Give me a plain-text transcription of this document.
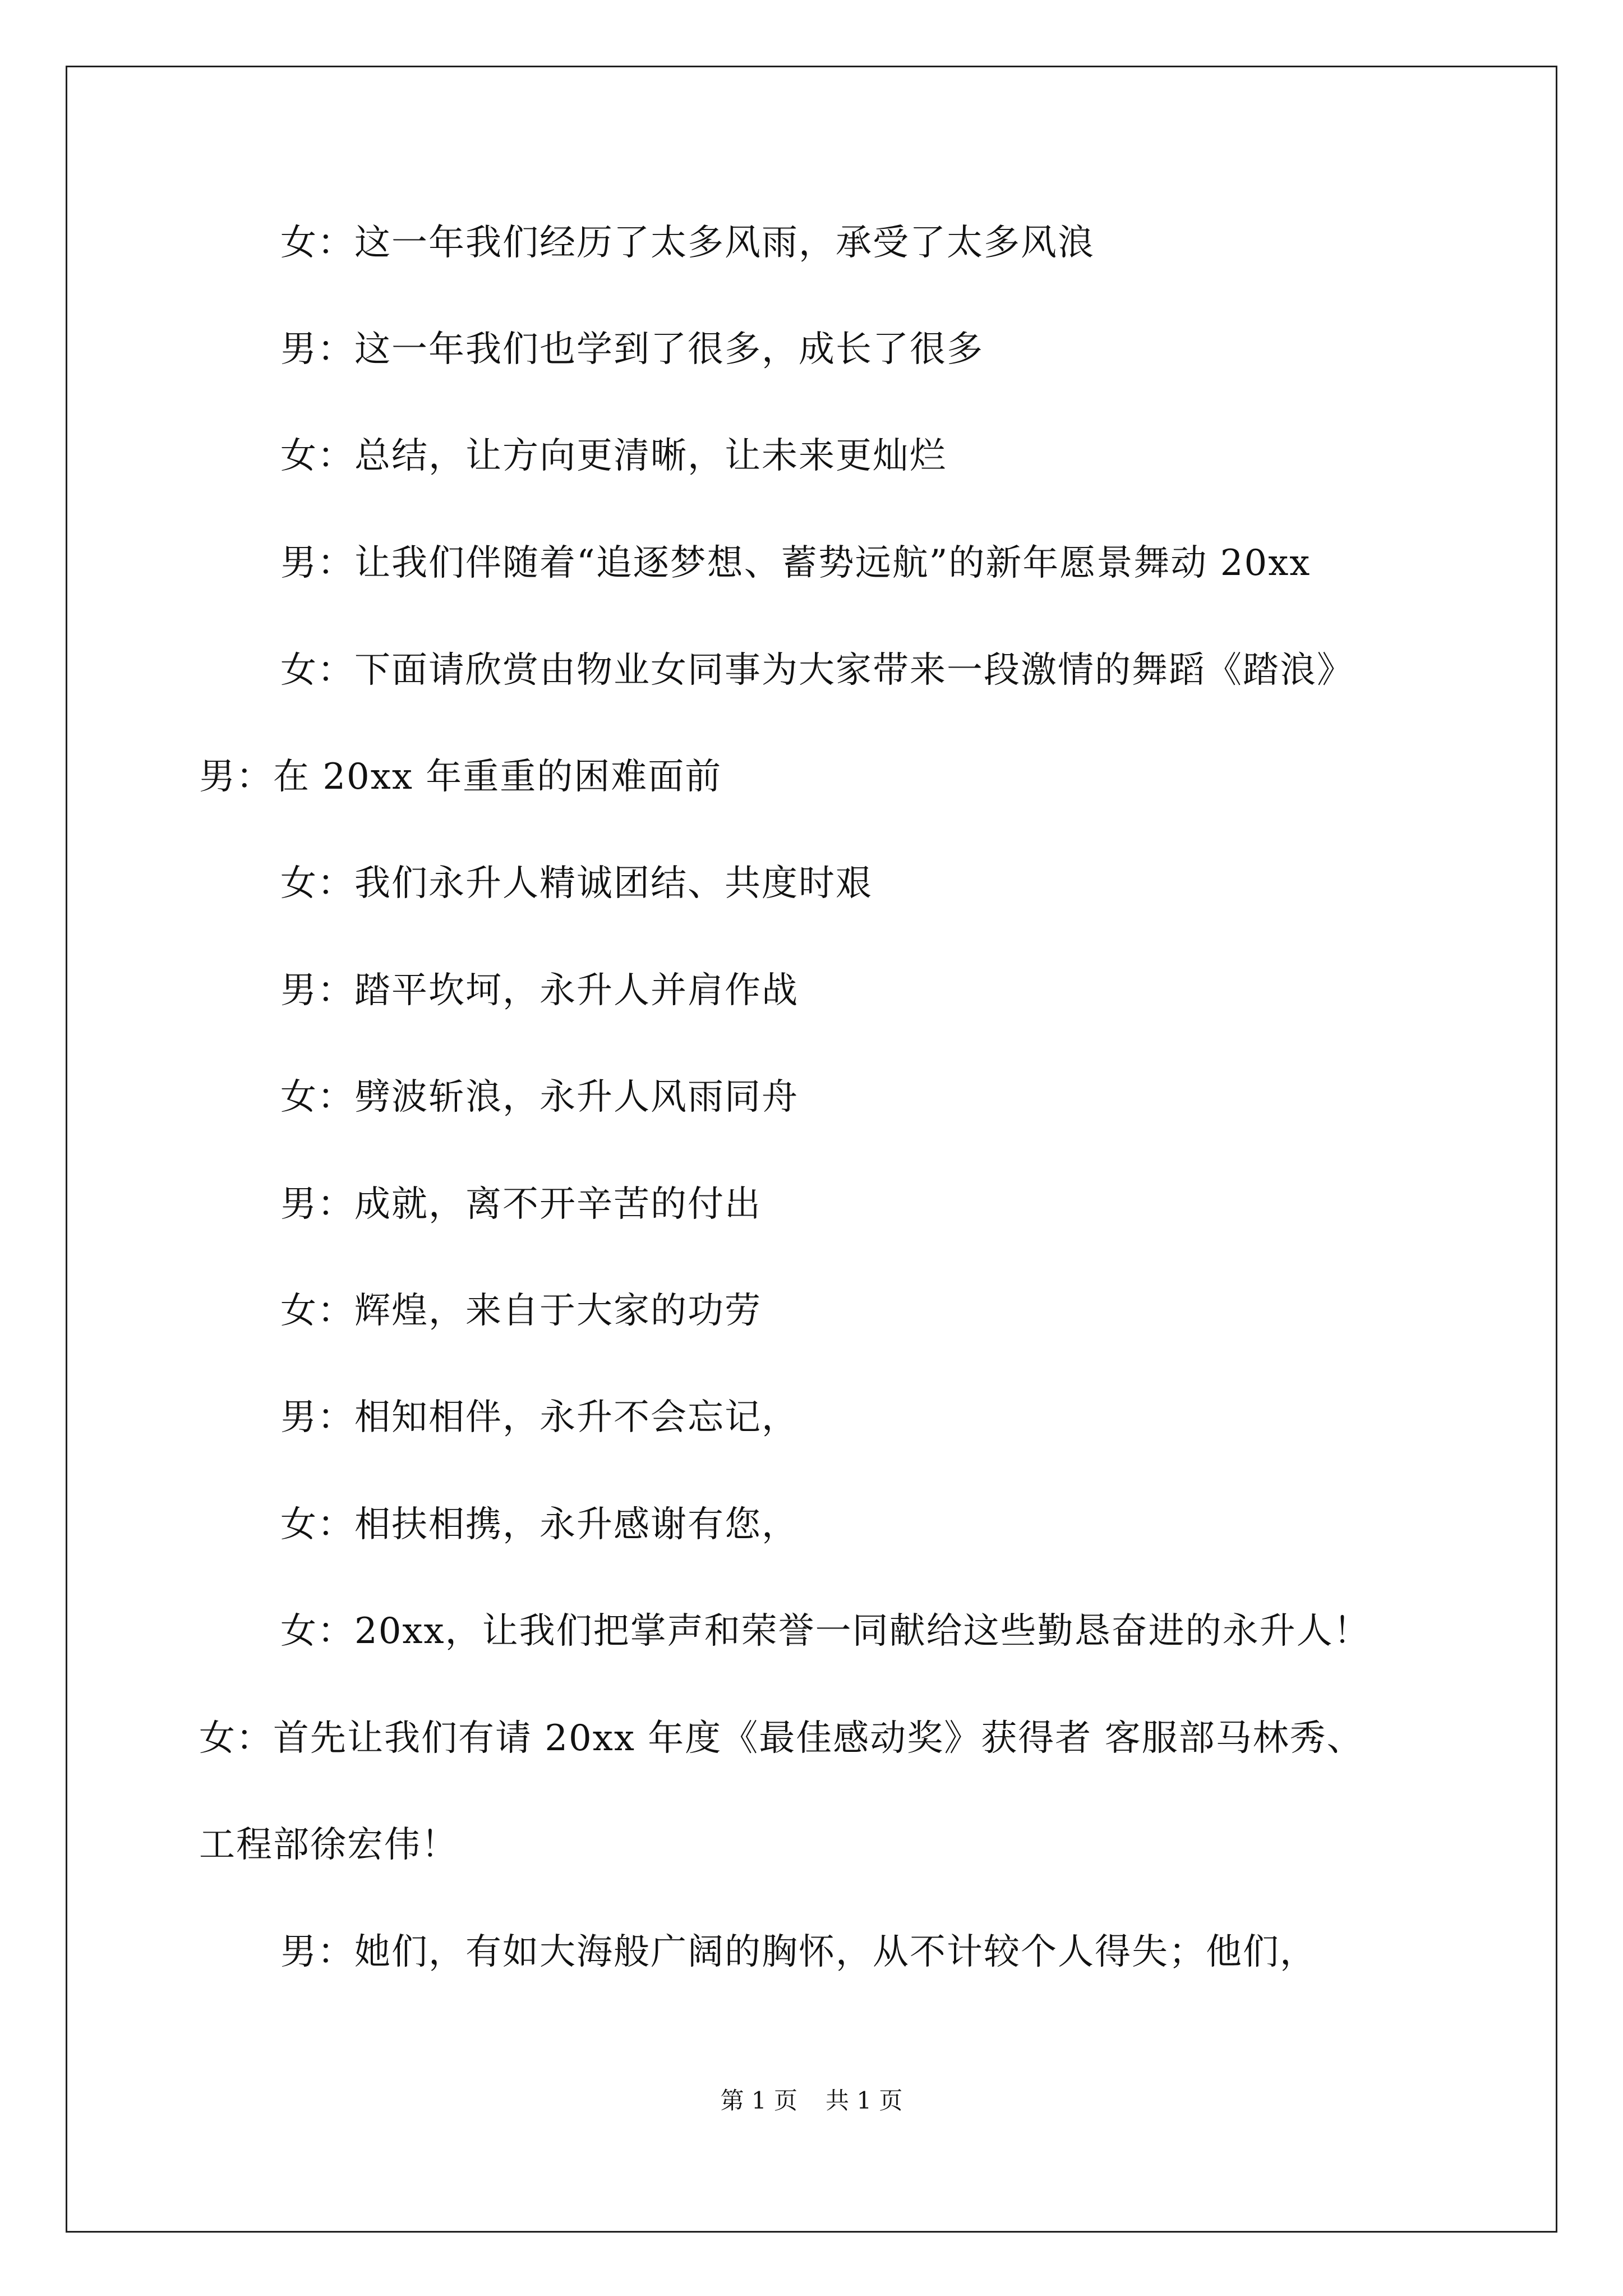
女：这一年我们经历了太多风雨，承受了太多风浪
男：这一年我们也学到了很多，成长了很多
女：总结，让方向更清晰，让未来更灿烂
男：让我们伴随着“追逐梦想、蓄势远航”的新年愿景舞动 20xx
女：下面请欣赏由物业女同事为大家带来一段激情的舞蹈《踏浪》
男：在 20xx 年重重的困难面前
女：我们永升人精诚团结、共度时艰
男：踏平坎坷，永升人并肩作战
女：劈波斩浪，永升人风雨同舟
男：成就，离不开辛苦的付出
女：辉煌，来自于大家的功劳
男：相知相伴，永升不会忘记，
女：相扶相携，永升感谢有您，
女：20xx，让我们把掌声和荣誉一同献给这些勤恳奋进的永升人！
女：首先让我们有请 20xx 年度《最佳感动奖》获得者 客服部马林秀、
工程部徐宏伟！
男：她们，有如大海般广阔的胸怀，从不计较个人得失；他们，
第 1 页 共 1 页
